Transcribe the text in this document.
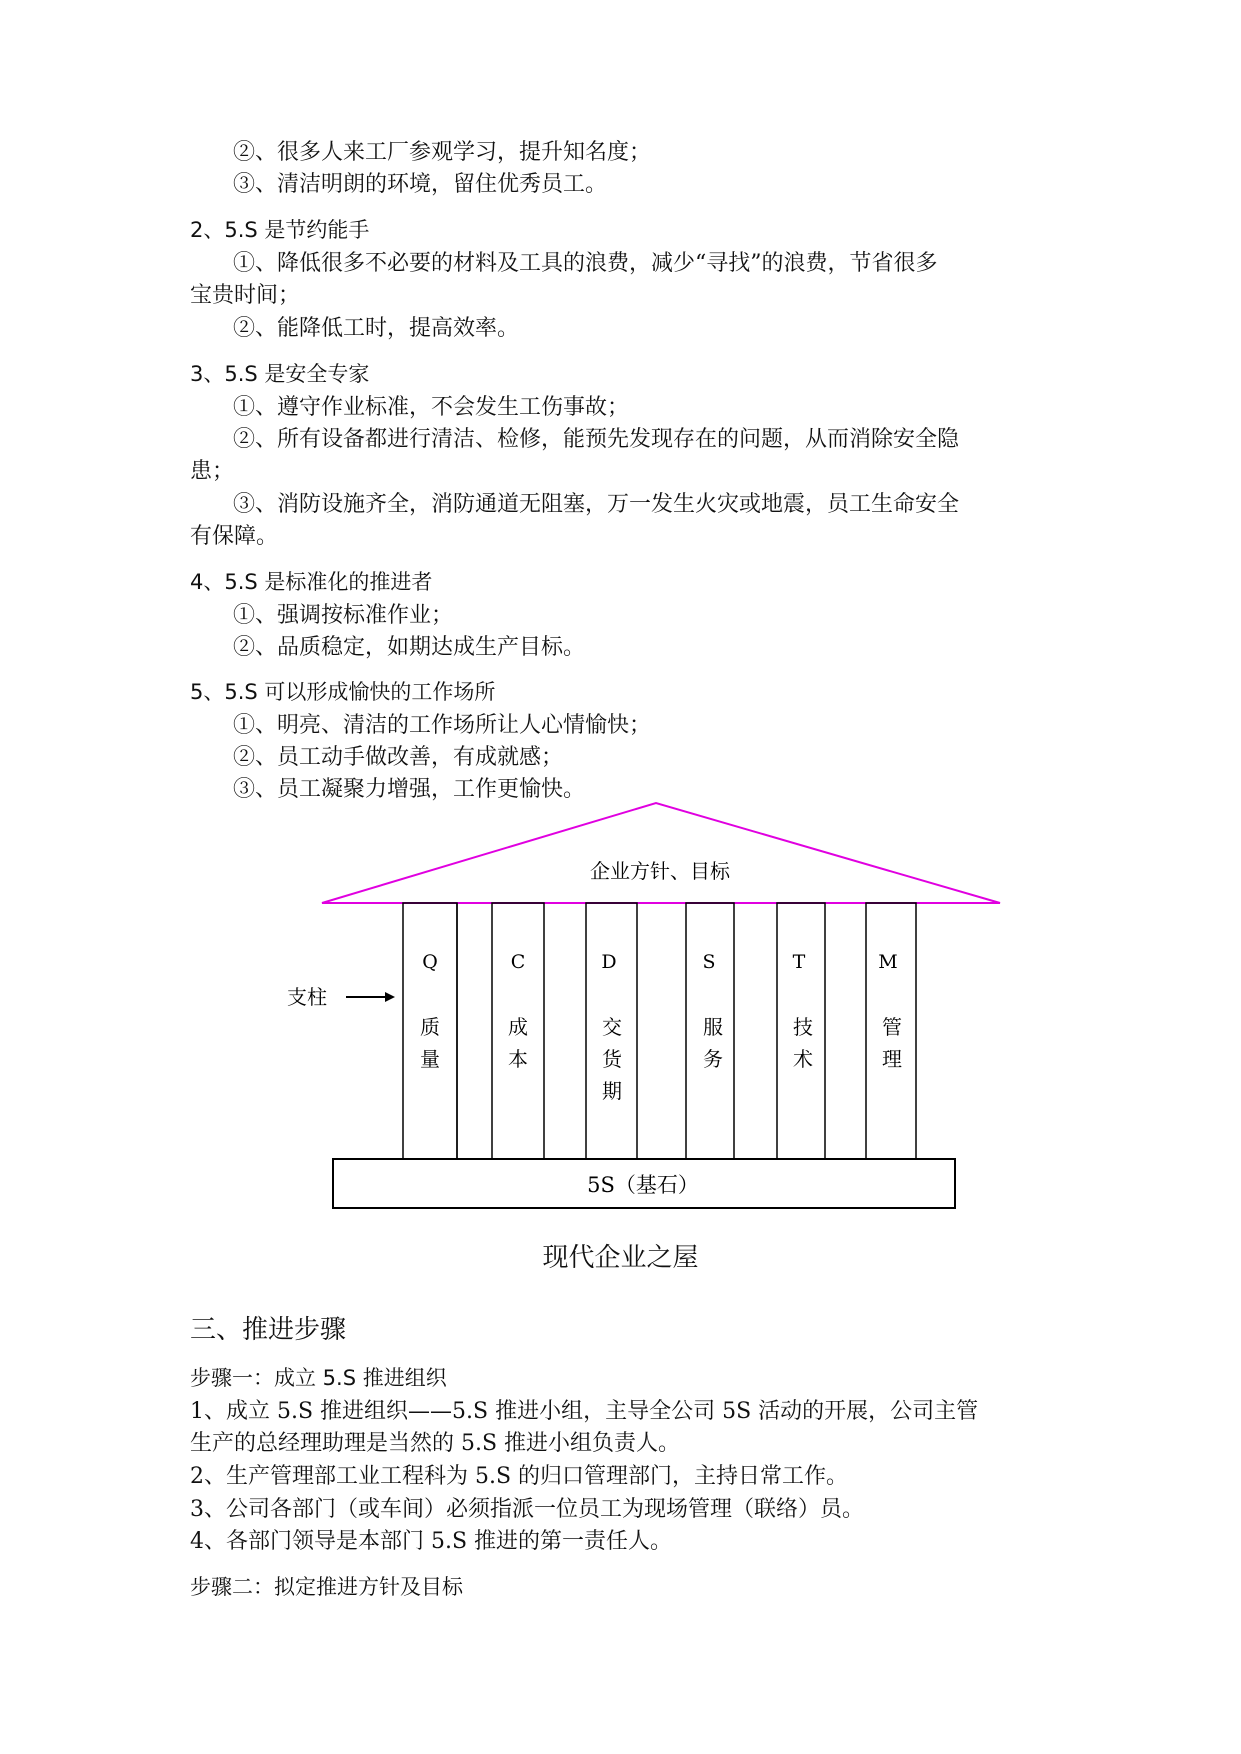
②、很多人来工厂参观学习，提升知名度；
③、清洁明朗的环境，留住优秀员工。
2、5.S 是节约能手
①、降低很多不必要的材料及工具的浪费，减少“寻找”的浪费，节省很多
宝贵时间；
②、能降低工时，提高效率。
3、5.S 是安全专家
①、遵守作业标准，不会发生工伤事故；
②、所有设备都进行清洁、检修，能预先发现存在的问题，从而消除安全隐
患；
③、消防设施齐全，消防通道无阻塞，万一发生火灾或地震，员工生命安全
有保障。
4、5.S 是标准化的推进者
①、强调按标准作业；
②、品质稳定，如期达成生产目标。
5、5.S 可以形成愉快的工作场所
①、明亮、清洁的工作场所让人心情愉快；
②、员工动手做改善，有成就感；
③、员工凝聚力增强，工作更愉快。
企业方针、目标
Q
质
量
C
成
本
D
交
货
期
S
服
务
T
技
术
M
管
理
支柱
5S（基石）
现代企业之屋
三、推进步骤
步骤一：成立 5.S 推进组织
1、成立 5.S 推进组织——5.S 推进小组，主导全公司 5S 活动的开展，公司主管
生产的总经理助理是当然的 5.S 推进小组负责人。
2、生产管理部工业工程科为 5.S 的归口管理部门，主持日常工作。
3、公司各部门（或车间）必须指派一位员工为现场管理（联络）员。
4、各部门领导是本部门 5.S 推进的第一责任人。
步骤二：拟定推进方针及目标
